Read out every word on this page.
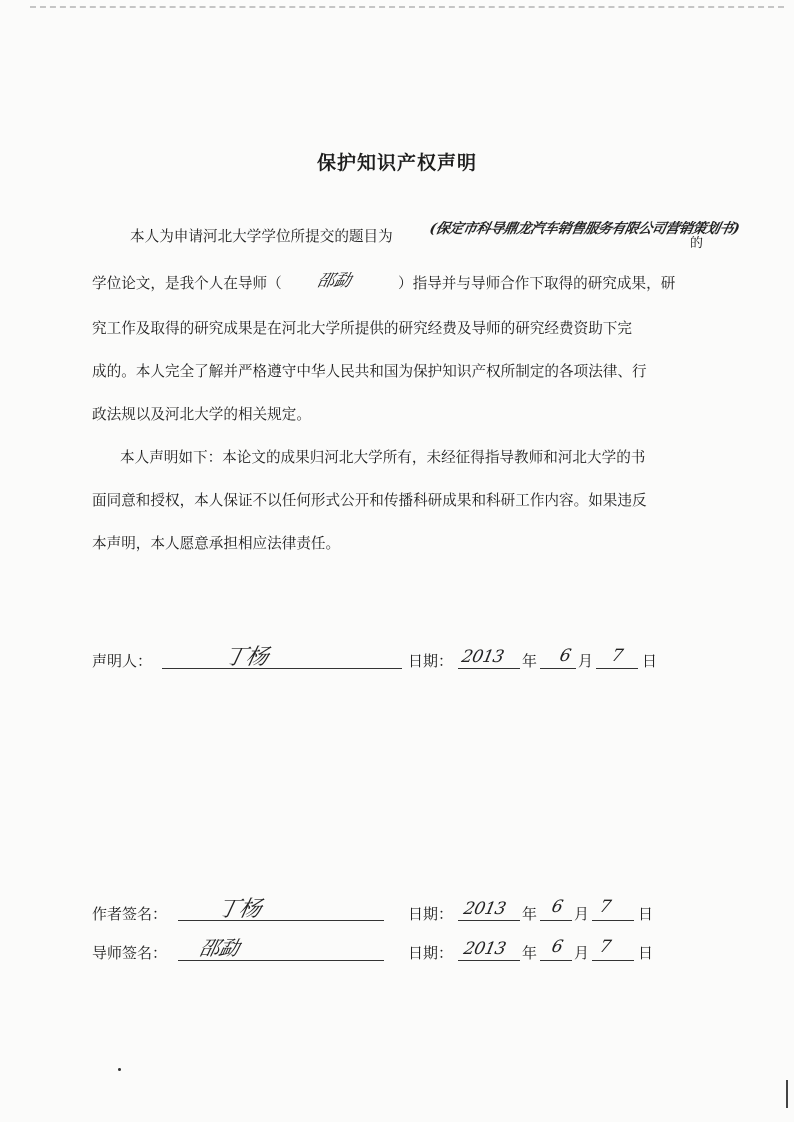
保护知识产权声明
本人为申请河北大学学位所提交的题目为	(保定市科导鼎龙汽车销售服务有限公司营销策划书)
的
学位论文，是我个人在导师（ 邵勐	）指导并与导师合作下取得的研究成果，研
究工作及取得的研究成果是在河北大学所提供的研究经费及导师的研究经费资助下完
成的。本人完全了解并严格遵守中华人民共和国为保护知识产权所制定的各项法律、行
政法规以及河北大学的相关规定。
本人声明如下：本论文的成果归河北大学所有，未经征得指导教师和河北大学的书
面同意和授权，本人保证不以任何形式公开和传播科研成果和科研工作内容。如果违反
本声明，本人愿意承担相应法律责任。
声明人：	丁杨	日期： 2013 年 6 月 7 日
作者签名： 丁杨	日期： 2013 年 6 月 7 日
导师签名： 邵勐	日期： 2013 年 6 月 7 日
